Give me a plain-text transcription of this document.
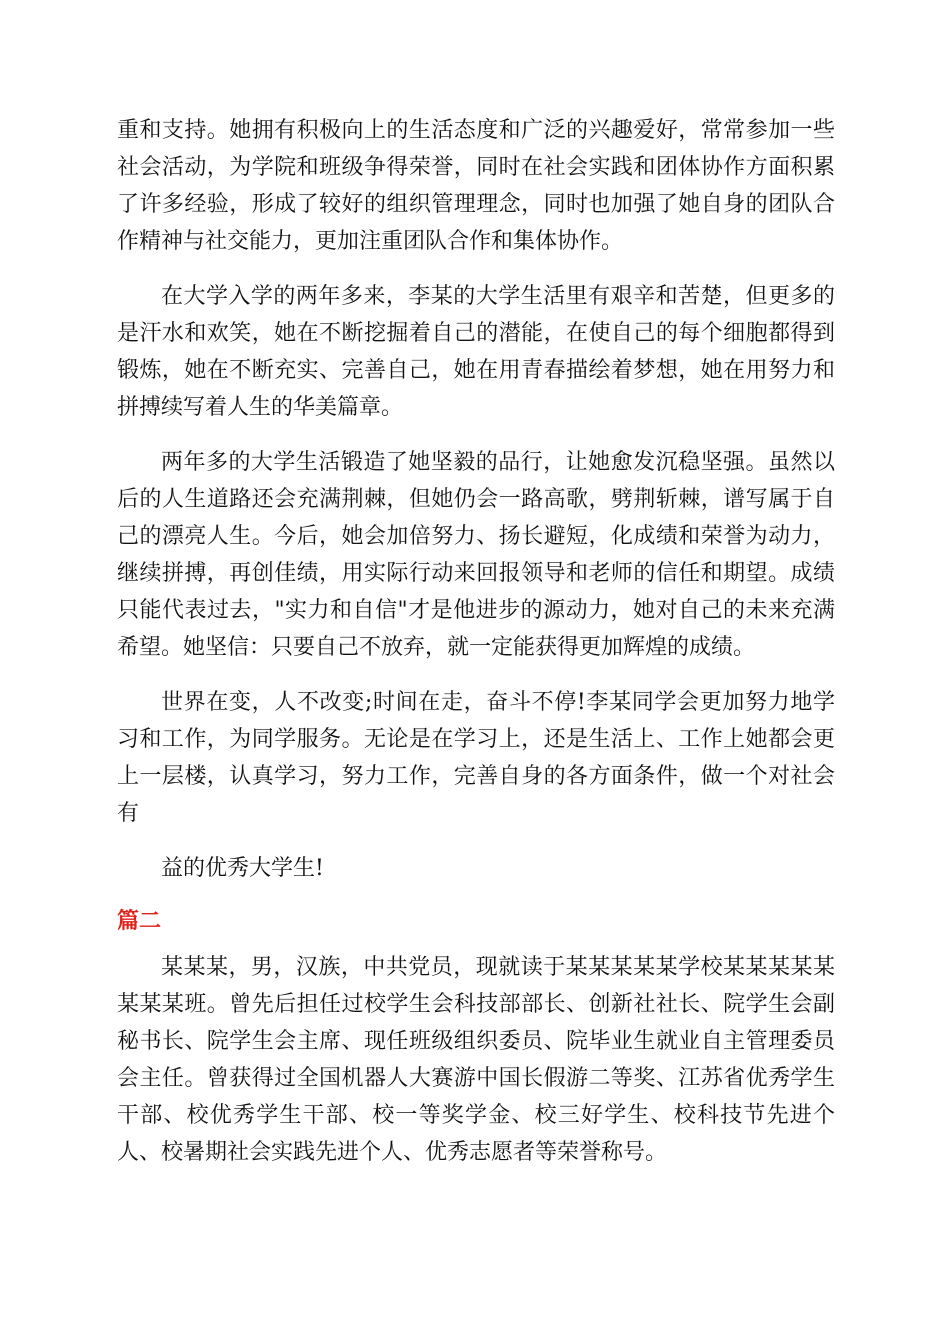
重和支持。她拥有积极向上的生活态度和广泛的兴趣爱好，常常参加一些社会活动，为学院和班级争得荣誉，同时在社会实践和团体协作方面积累了许多经验，形成了较好的组织管理理念，同时也加强了她自身的团队合作精神与社交能力，更加注重团队合作和集体协作。

在大学入学的两年多来，李某的大学生活里有艰辛和苦楚，但更多的是汗水和欢笑，她在不断挖掘着自己的潜能，在使自己的每个细胞都得到锻炼，她在不断充实、完善自己，她在用青春描绘着梦想，她在用努力和拼搏续写着人生的华美篇章。

两年多的大学生活锻造了她坚毅的品行，让她愈发沉稳坚强。虽然以后的人生道路还会充满荆棘，但她仍会一路高歌，劈荆斩棘，谱写属于自己的漂亮人生。今后，她会加倍努力、扬长避短，化成绩和荣誉为动力，继续拼搏，再创佳绩，用实际行动来回报领导和老师的信任和期望。成绩只能代表过去，"实力和自信"才是他进步的源动力，她对自己的未来充满希望。她坚信：只要自己不放弃，就一定能获得更加辉煌的成绩。

世界在变，人不改变;时间在走，奋斗不停!李某同学会更加努力地学习和工作，为同学服务。无论是在学习上，还是生活上、工作上她都会更上一层楼，认真学习，努力工作，完善自身的各方面条件，做一个对社会有

益的优秀大学生!

篇二

某某某，男，汉族，中共党员，现就读于某某某某某学校某某某某某某某某班。曾先后担任过校学生会科技部部长、创新社社长、院学生会副秘书长、院学生会主席、现任班级组织委员、院毕业生就业自主管理委员会主任。曾获得过全国机器人大赛游中国长假游二等奖、江苏省优秀学生干部、校优秀学生干部、校一等奖学金、校三好学生、校科技节先进个人、校暑期社会实践先进个人、优秀志愿者等荣誉称号。
